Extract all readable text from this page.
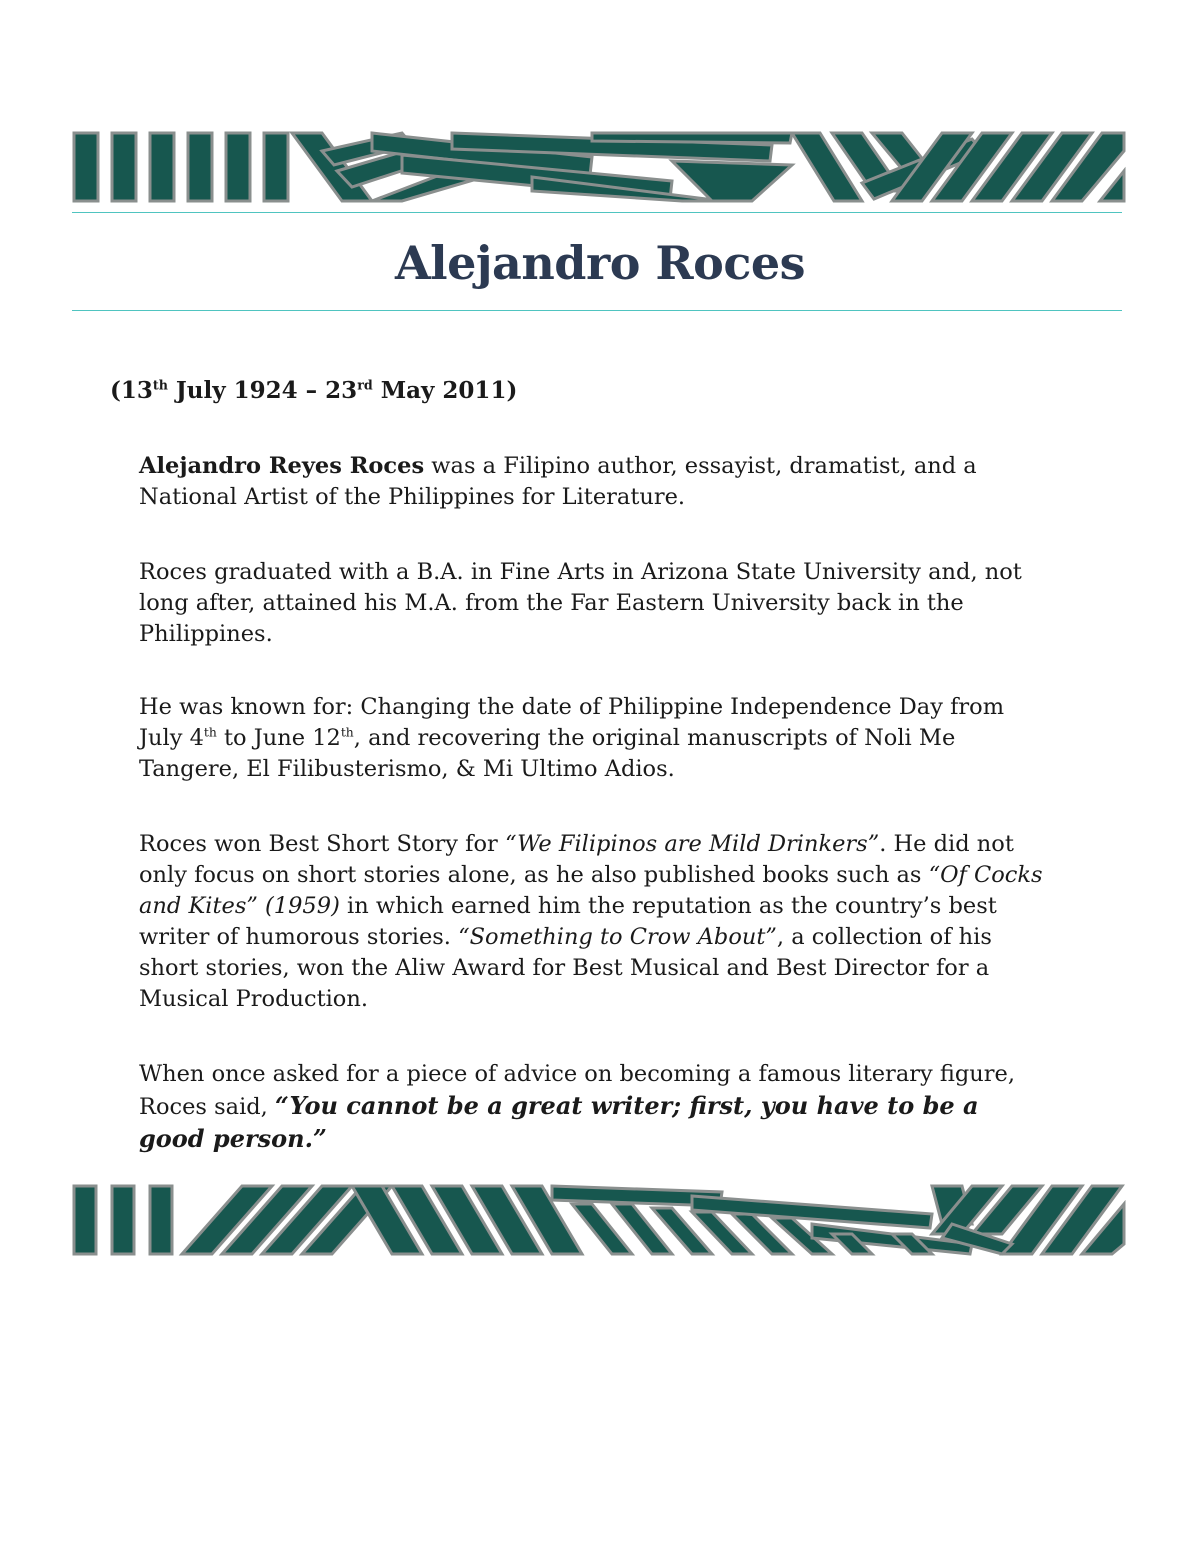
Alejandro Roces

(13th July 1924 – 23rd May 2011)

Alejandro Reyes Roces was a Filipino author, essayist, dramatist, and a National Artist of the Philippines for Literature.

Roces graduated with a B.A. in Fine Arts in Arizona State University and, not long after, attained his M.A. from the Far Eastern University back in the Philippines.

He was known for: Changing the date of Philippine Independence Day from July 4th to June 12th, and recovering the original manuscripts of Noli Me Tangere, El Filibusterismo, & Mi Ultimo Adios.

Roces won Best Short Story for “We Filipinos are Mild Drinkers”. He did not only focus on short stories alone, as he also published books such as “Of Cocks and Kites” (1959) in which earned him the reputation as the country’s best writer of humorous stories. “Something to Crow About”, a collection of his short stories, won the Aliw Award for Best Musical and Best Director for a Musical Production.

When once asked for a piece of advice on becoming a famous literary figure, Roces said, “You cannot be a great writer; first, you have to be a good person.”
